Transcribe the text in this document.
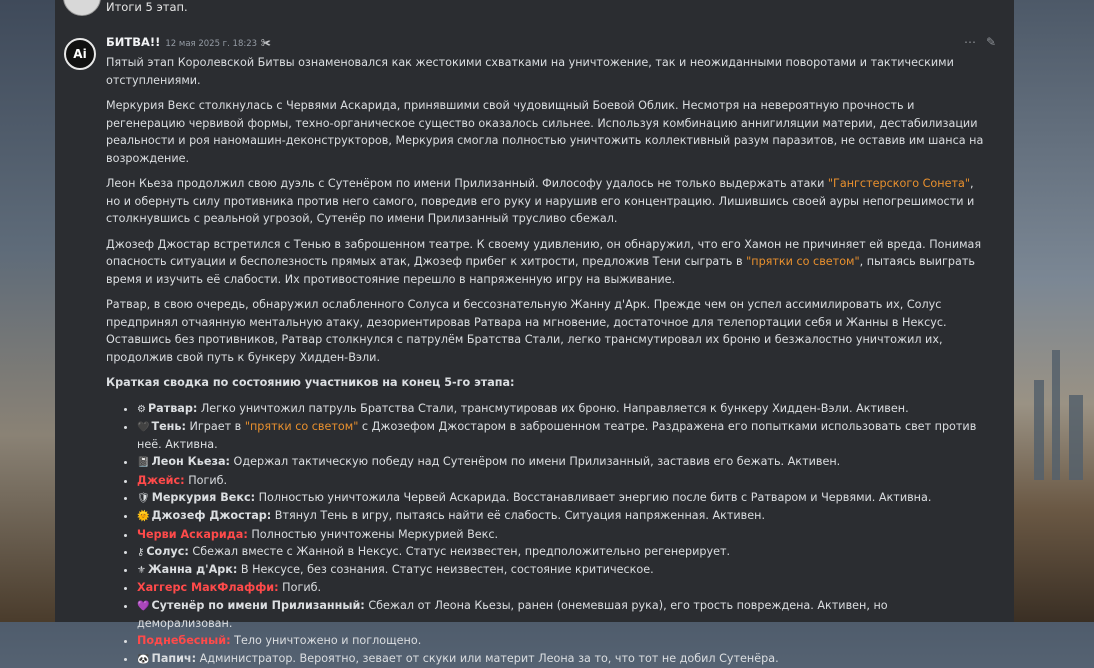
Итоги 5 этап.
Ai
БИТВА!! 12 мая 2025 г. 18:23 ✀	⋯ ✎

Пятый этап Королевской Битвы ознаменовался как жестокими схватками на уничтожение, так и неожиданными поворотами и тактическими отступлениями.

Меркурия Векс столкнулась с Червями Аскарида, принявшими свой чудовищный Боевой Облик. Несмотря на невероятную прочность и регенерацию червивой формы, техно-органическое существо оказалось сильнее. Используя комбинацию аннигиляции материи, дестабилизации реальности и роя наномашин-деконструкторов, Меркурия смогла полностью уничтожить коллективный разум паразитов, не оставив им шанса на возрождение.

Леон Кьеза продолжил свою дуэль с Сутенёром по имени Прилизанный. Философу удалось не только выдержать атаки "Гангстерского Сонета", но и обернуть силу противника против него самого, повредив его руку и нарушив его концентрацию. Лишившись своей ауры непогрешимости и столкнувшись с реальной угрозой, Сутенёр по имени Прилизанный трусливо сбежал.

Джозеф Джостар встретился с Тенью в заброшенном театре. К своему удивлению, он обнаружил, что его Хамон не причиняет ей вреда. Понимая опасность ситуации и бесполезность прямых атак, Джозеф прибег к хитрости, предложив Тени сыграть в "прятки со светом", пытаясь выиграть время и изучить её слабости. Их противостояние перешло в напряженную игру на выживание.

Ратвар, в свою очередь, обнаружил ослабленного Солуса и бессознательную Жанну д'Арк. Прежде чем он успел ассимилировать их, Солус предпринял отчаянную ментальную атаку, дезориентировав Ратвара на мгновение, достаточное для телепортации себя и Жанны в Нексус. Оставшись без противников, Ратвар столкнулся с патрулём Братства Стали, легко трансмутировал их броню и безжалостно уничтожил их, продолжив свой путь к бункеру Хидден-Вэли.

Краткая сводка по состоянию участников на конец 5-го этапа:

• ⚙ Ратвар: Легко уничтожил патруль Братства Стали, трансмутировав их броню. Направляется к бункеру Хидден-Вэли. Активен.
• 🖤 Тень: Играет в "прятки со светом" с Джозефом Джостаром в заброшенном театре. Раздражена его попытками использовать свет против неё. Активна.
• 📓 Леон Кьеза: Одержал тактическую победу над Сутенёром по имени Прилизанный, заставив его бежать. Активен.
• Джейс: Погиб.
• 🛡 Меркурия Векс: Полностью уничтожила Червей Аскарида. Восстанавливает энергию после битв с Ратваром и Червями. Активна.
• 🌞 Джозеф Джостар: Втянул Тень в игру, пытаясь найти её слабость. Ситуация напряженная. Активен.
• Черви Аскарида: Полностью уничтожены Меркурией Векс.
• ⚷ Солус: Сбежал вместе с Жанной в Нексус. Статус неизвестен, предположительно регенерирует.
• ⚜ Жанна д'Арк: В Нексусе, без сознания. Статус неизвестен, состояние критическое.
• Хаггерс МакФлаффи: Погиб.
• 💜 Сутенёр по имени Прилизанный: Сбежал от Леона Кьезы, ранен (онемевшая рука), его трость повреждена. Активен, но деморализован.
• Поднебесный: Тело уничтожено и поглощено.
• 🐼 Папич: Администратор. Вероятно, зевает от скуки или материт Леона за то, что тот не добил Сутенёра.
